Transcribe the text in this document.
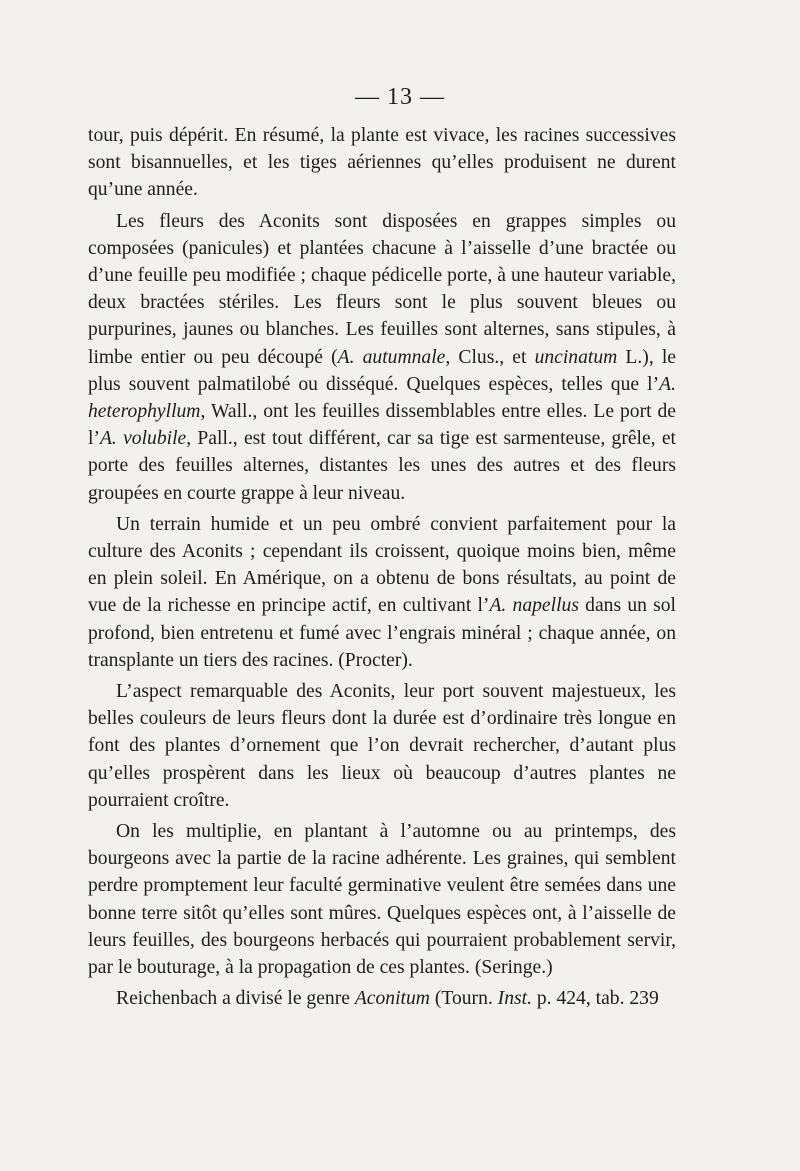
— 13 —

tour, puis dépérit. En résumé, la plante est vivace, les racines successives sont bisannuelles, et les tiges aériennes qu’elles produisent ne durent qu’une année.

Les fleurs des Aconits sont disposées en grappes simples ou composées (panicules) et plantées chacune à l’aisselle d’une bractée ou d’une feuille peu modifiée ; chaque pédicelle porte, à une hauteur variable, deux bractées stériles. Les fleurs sont le plus souvent bleues ou purpurines, jaunes ou blanches. Les feuilles sont alternes, sans stipules, à limbe entier ou peu découpé (A. autumnale, Clus., et uncinatum L.), le plus souvent palmatilobé ou disséqué. Quelques espèces, telles que l’A. heterophyllum, Wall., ont les feuilles dissemblables entre elles. Le port de l’A. volubile, Pall., est tout différent, car sa tige est sarmenteuse, grêle, et porte des feuilles alternes, distantes les unes des autres et des fleurs groupées en courte grappe à leur niveau.

Un terrain humide et un peu ombré convient parfaitement pour la culture des Aconits ; cependant ils croissent, quoique moins bien, même en plein soleil. En Amérique, on a obtenu de bons résultats, au point de vue de la richesse en principe actif, en cultivant l’A. napellus dans un sol profond, bien entretenu et fumé avec l’engrais minéral ; chaque année, on transplante un tiers des racines. (Procter).

L’aspect remarquable des Aconits, leur port souvent majestueux, les belles couleurs de leurs fleurs dont la durée est d’ordinaire très longue en font des plantes d’ornement que l’on devrait rechercher, d’autant plus qu’elles prospèrent dans les lieux où beaucoup d’autres plantes ne pourraient croître.

On les multiplie, en plantant à l’automne ou au printemps, des bourgeons avec la partie de la racine adhérente. Les graines, qui semblent perdre promptement leur faculté germinative veulent être semées dans une bonne terre sitôt qu’elles sont mûres. Quelques espèces ont, à l’aisselle de leurs feuilles, des bourgeons herbacés qui pourraient probablement servir, par le bouturage, à la propagation de ces plantes. (Seringe.)

Reichenbach a divisé le genre Aconitum (Tourn. Inst. p. 424, tab. 239
